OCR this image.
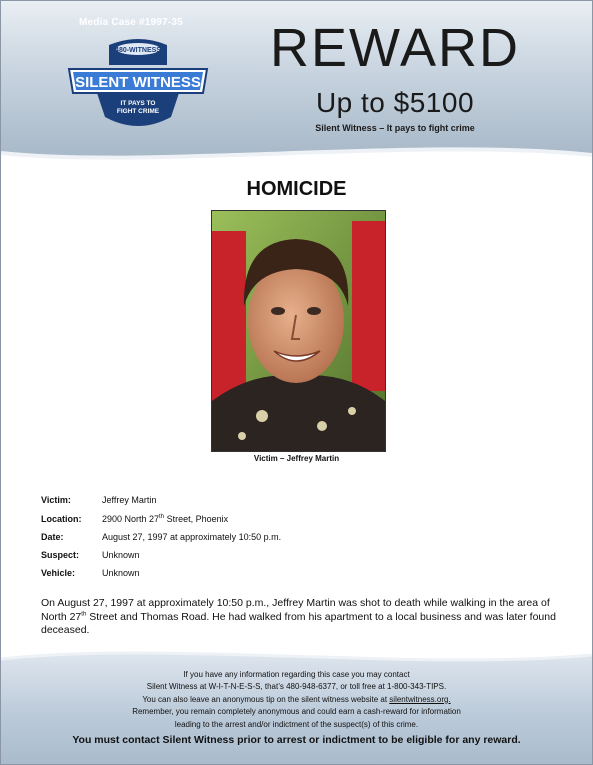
Media Case #1997-35
480-WITNESS
SILENT WITNESS
IT PAYS TO
FIGHT CRIME
REWARD
Up to $5100
Silent Witness – It pays to fight crime
HOMICIDE
Victim – Jeffrey Martin
Victim:	Jeffrey Martin
Location: 2900 North 27th Street, Phoenix
Date:	August 27, 1997 at approximately 10:50 p.m.
Suspect:	Unknown
Vehicle:	Unknown
On August 27, 1997 at approximately 10:50 p.m., Jeffrey Martin was shot to death while walking in the area of North 27th Street and Thomas Road. He had walked from his apartment to a local business and was later found deceased.
If you have any information regarding this case you may contact
Silent Witness at W-I-T-N-E-S-S, that’s 480-948-6377, or toll free at 1-800-343-TIPS.
You can also leave an anonymous tip on the silent witness website at silentwitness.org.
Remember, you remain completely anonymous and could earn a cash-reward for information
leading to the arrest and/or indictment of the suspect(s) of this crime.
You must contact Silent Witness prior to arrest or indictment to be eligible for any reward.
